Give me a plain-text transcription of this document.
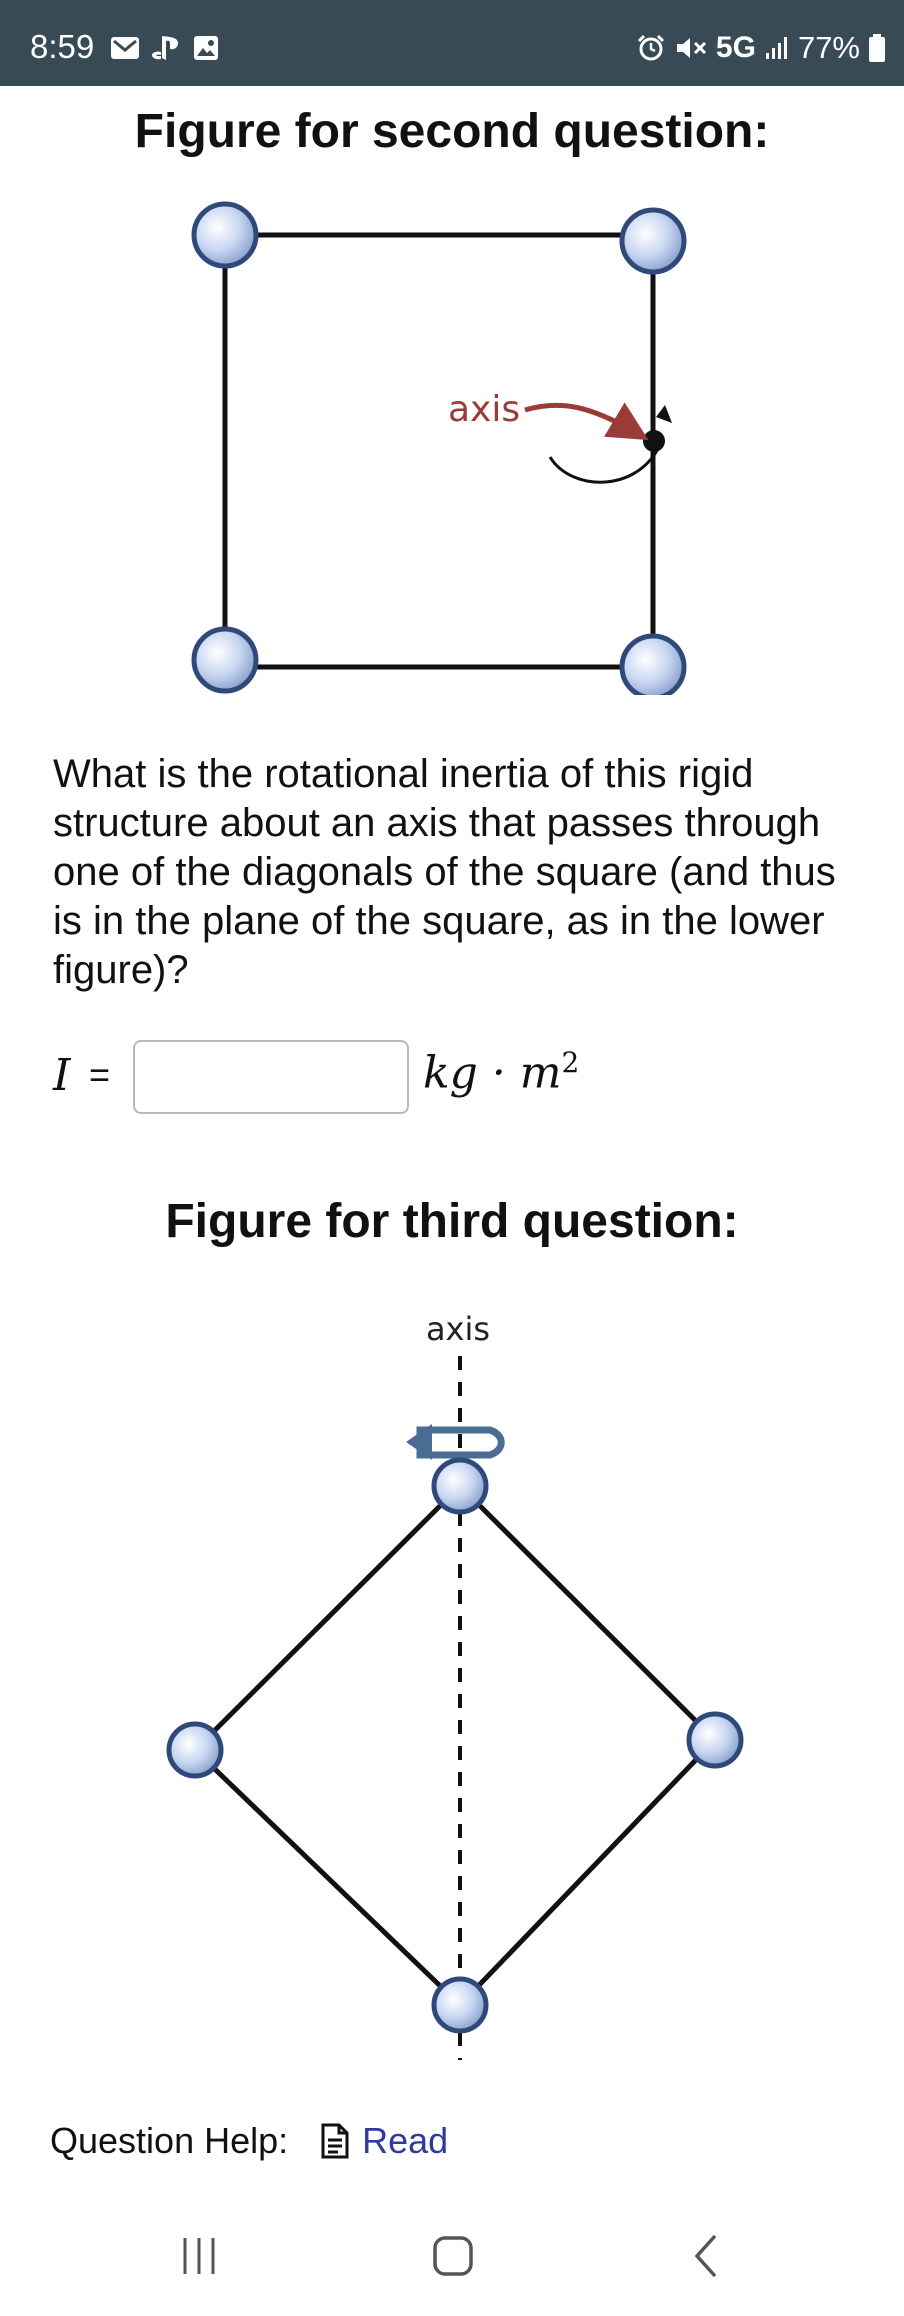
8:59	5G 77%
Figure for second question:
axis

What is the rotational inertia of this rigid structure about an axis that passes through one of the diagonals of the square (and thus is in the plane of the square, as in the lower figure)?

I =	kg · $m^2$
Figure for third question:
axis
Question Help: Read
